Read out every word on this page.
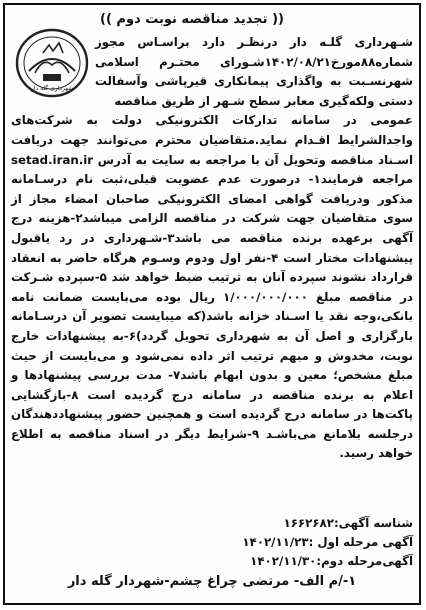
(( تجدید مناقصه نوبت دوم ))
شهرداری گله دار
شـهرداری گلـه دار درنظـر دارد براسـاس مجوز شماره۸۸مورخ۱۴۰۲/۰۸/۲۱شـورای محتـرم اسلامی شهرنسـبت به واگذاری پیمانکاری قیرپاشی وآسفالت دستی ولکه‌گیری معابر سطح شـهر از طریق مناقصه
عمومی در سامانه تدارکات الکترونیکی دولت به شرکت‌های واجدالشرایط اقـدام نماید.متقاضیان محترم می‌توانند جهت دریافت اسـناد مناقصه وتحویل آن با مراجعه به سایت به آدرس setad.iran.ir مراجعه فرمایند۱- درصورت عدم عضویت قبلی،ثبت نام درسـامانه مذکور ودریافت گواهی امضای الکترونیکی صاحبان امضاء مجاز از سوی متقاضیان جهت شرکت در مناقصه الزامی میباشد۲-هزینه درج آگهی برعهده برنده مناقصه می باشد۳-شـهرداری در رد یاقبول پیشنهادات مختار است ۴-نفر اول ودوم وسـوم هرگاه حاضر به انعقاد قرارداد نشوند سپرده آنان به ترتیب ضبط خواهد شد ۵-سپرده شـرکت در مناقصه مبلغ ۱/۰۰۰/۰۰۰/۰۰۰ ریال بوده می‌بایست ضمانت نامه بانکی،وجه نقد یا اسـناد خزانه باشد(که میبایست تصویر آن درسـامانه بارگزاری و اصل آن به شهرداری تحویل گردد)۶-به پیشنهادات خارج نوبت، مخدوش و مبهم ترتیب اثر داده نمی‌شود و می‌بایست از حیث مبلغ مشخص؛ معین و بدون ابهام باشد۷- مدت بررسی پیشنهادها و اعلام به برنده مناقصه در سامانه درج گردیده است ۸-بازگشایی پاکت‌ها در سامانه درج گردیده است و همچنین حضور پیشنهاددهندگان درجلسه بلامانع می‌باشـد ۹-شرایط دیگر در اسناد مناقصه به اطلاع خواهد رسید.
شناسه آگهی:۱۶۶۲۶۸۲
آگهی مرحله اول :۱۴۰۲/۱۱/۲۳
آگهی‌مرحله دوم:۱۴۰۲/۱۱/۳۰
۱-/م الف- مرتضی چراغ چشم-شهردار گله دار
